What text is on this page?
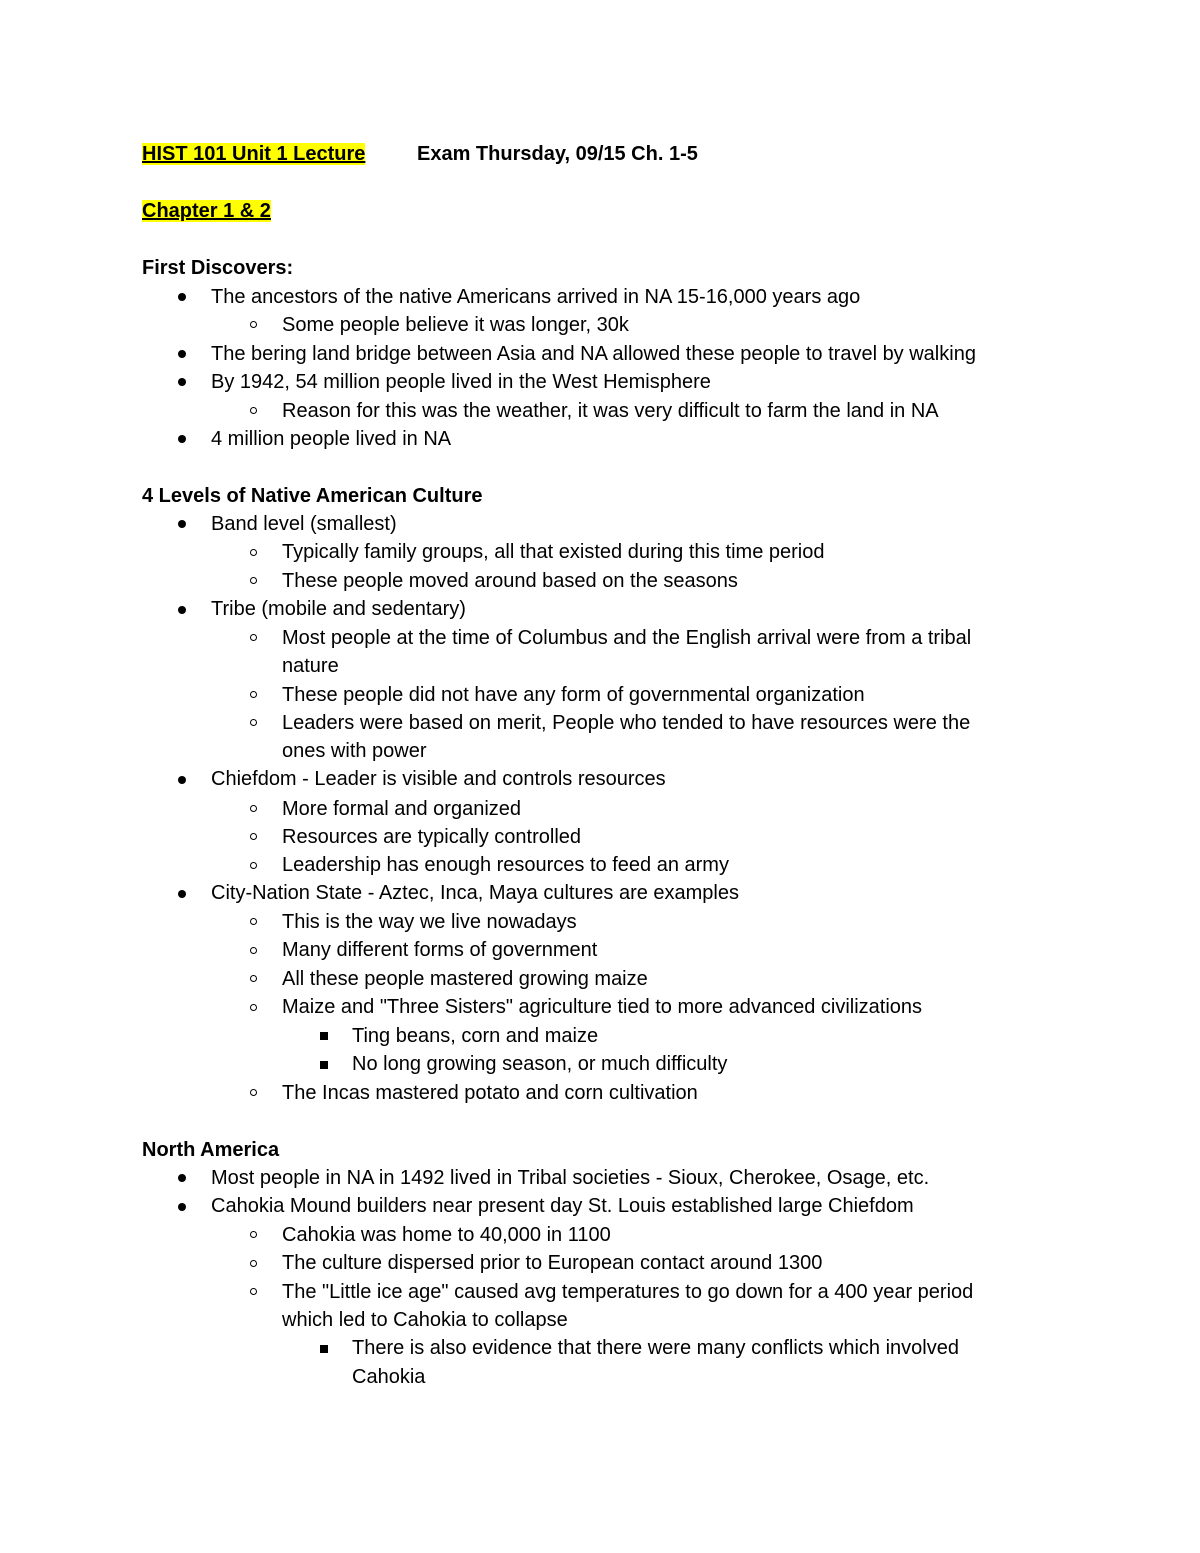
HIST 101 Unit 1 Lecture	Exam Thursday, 09/15 Ch. 1-5
Chapter 1 & 2
First Discovers:
The ancestors of the native Americans arrived in NA 15-16,000 years ago
Some people believe it was longer, 30k
The bering land bridge between Asia and NA allowed these people to travel by walking
By 1942, 54 million people lived in the West Hemisphere
Reason for this was the weather, it was very difficult to farm the land in NA
4 million people lived in NA
4 Levels of Native American Culture
Band level (smallest)
Typically family groups, all that existed during this time period
These people moved around based on the seasons
Tribe (mobile and sedentary)
Most people at the time of Columbus and the English arrival were from a tribal
nature
These people did not have any form of governmental organization
Leaders were based on merit, People who tended to have resources were the
ones with power
Chiefdom - Leader is visible and controls resources
More formal and organized
Resources are typically controlled
Leadership has enough resources to feed an army
City-Nation State - Aztec, Inca, Maya cultures are examples
This is the way we live nowadays
Many different forms of government
All these people mastered growing maize
Maize and "Three Sisters" agriculture tied to more advanced civilizations
Ting beans, corn and maize
No long growing season, or much difficulty
The Incas mastered potato and corn cultivation
North America
Most people in NA in 1492 lived in Tribal societies - Sioux, Cherokee, Osage, etc.
Cahokia Mound builders near present day St. Louis established large Chiefdom
Cahokia was home to 40,000 in 1100
The culture dispersed prior to European contact around 1300
The "Little ice age" caused avg temperatures to go down for a 400 year period
which led to Cahokia to collapse
There is also evidence that there were many conflicts which involved
Cahokia
